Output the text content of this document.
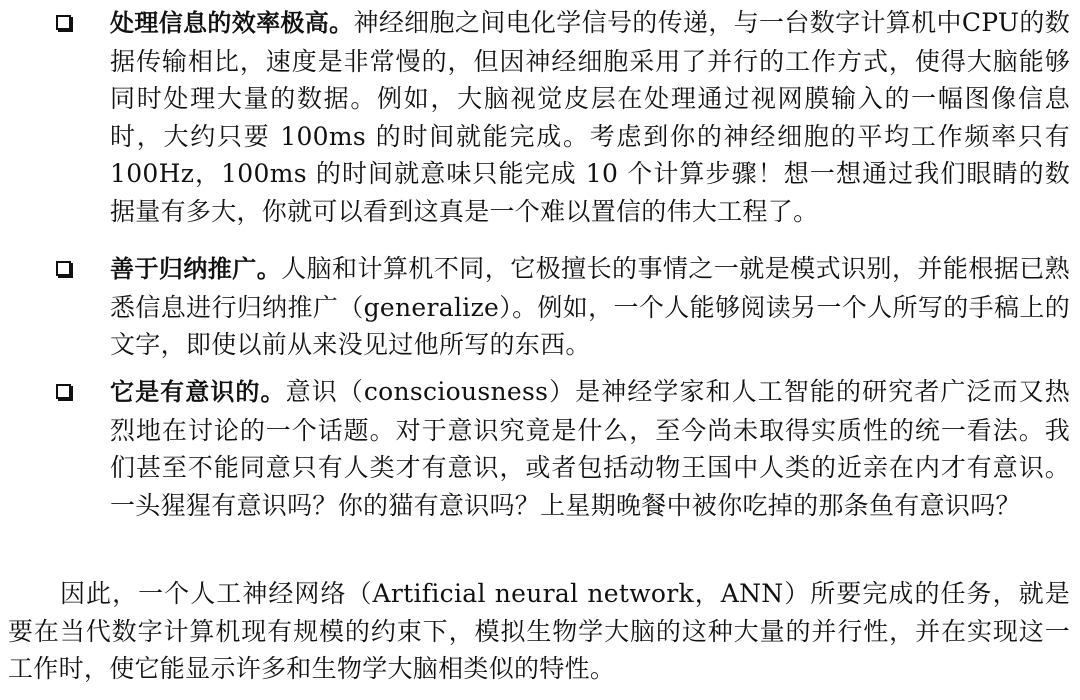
处理信息的效率极高。神经细胞之间电化学信号的传递，与一台数字计算机中CPU的数据传输相比，速度是非常慢的，但因神经细胞采用了并行的工作方式，使得大脑能够同时处理大量的数据。例如，大脑视觉皮层在处理通过视网膜输入的一幅图像信息时，大约只要 100ms 的时间就能完成。考虑到你的神经细胞的平均工作频率只有 100Hz，100ms 的时间就意味只能完成 10 个计算步骤！想一想通过我们眼睛的数据量有多大，你就可以看到这真是一个难以置信的伟大工程了。
善于归纳推广。人脑和计算机不同，它极擅长的事情之一就是模式识别，并能根据已熟悉信息进行归纳推广（generalize）。例如，一个人能够阅读另一个人所写的手稿上的文字，即使以前从来没见过他所写的东西。
它是有意识的。意识（consciousness）是神经学家和人工智能的研究者广泛而又热烈地在讨论的一个话题。对于意识究竟是什么，至今尚未取得实质性的统一看法。我们甚至不能同意只有人类才有意识，或者包括动物王国中人类的近亲在内才有意识。一头猩猩有意识吗？你的猫有意识吗？上星期晚餐中被你吃掉的那条鱼有意识吗？

因此，一个人工神经网络（Artificial neural network，ANN）所要完成的任务，就是要在当代数字计算机现有规模的约束下，模拟生物学大脑的这种大量的并行性，并在实现这一工作时，使它能显示许多和生物学大脑相类似的特性。
